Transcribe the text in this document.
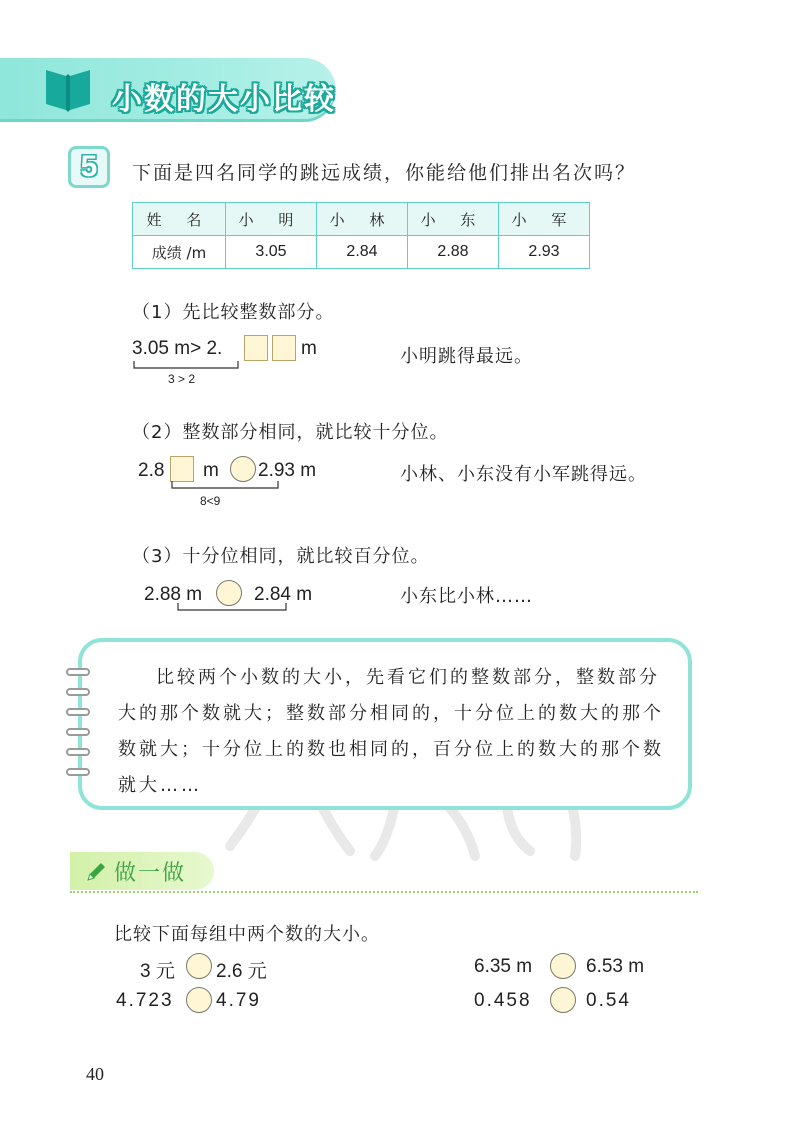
小数的大小比较
5	下面是四名同学的跳远成绩，你能给他们排出名次吗？
姓 名	小 明	小 林	小 东	小 军
成绩 /m	3.05	2.84	2.88	2.93
（1）先比较整数部分。
3.05 m> 2.	m
3 > 2
小明跳得最远。
（2）整数部分相同，就比较十分位。
2.8 m 2.93 m
8<9
小林、小东没有小军跳得远。
（3）十分位相同，就比较百分位。
2.88 m	2.84 m	小东比小林……
比较两个小数的大小，先看它们的整数部分，整数部分大的那个数就大；整数部分相同的，十分位上的数大的那个数就大；十分位上的数也相同的，百分位上的数大的那个数就大……
做一做
比较下面每组中两个数的大小。
3 元 2.6 元	6.35 m	6.53 m
4.723 4.79	0.458	0.54
40
